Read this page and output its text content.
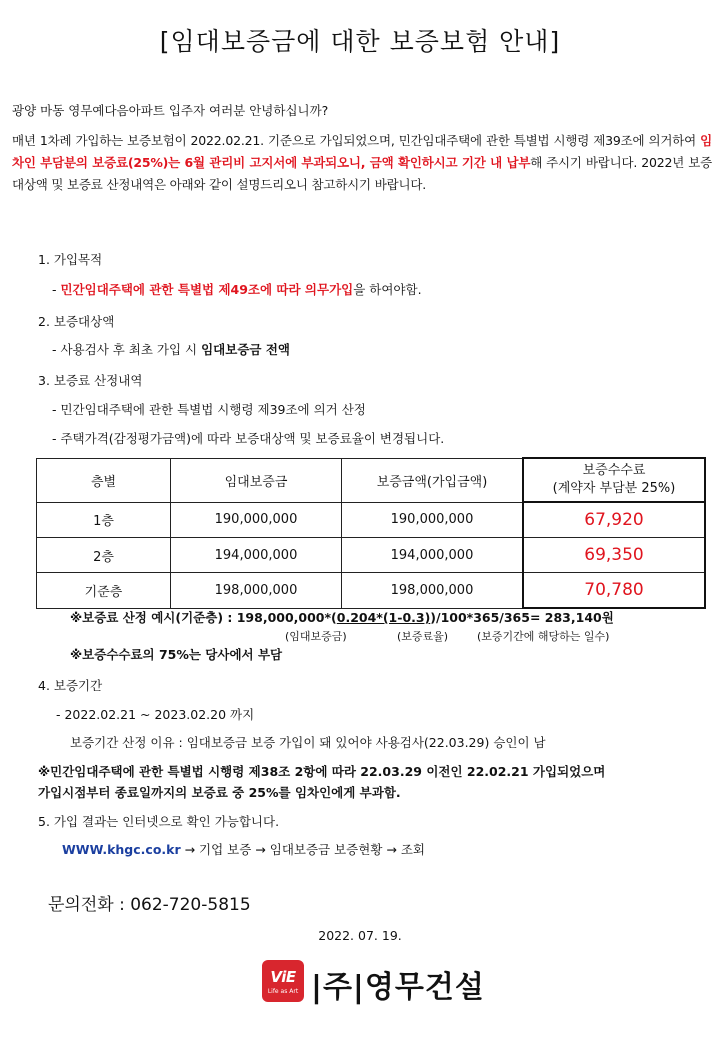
[임대보증금에 대한 보증보험 안내]
광양 마동 영무예다음아파트 입주자 여러분 안녕하십니까?
매년 1차례 가입하는 보증보험이 2022.02.21. 기준으로 가입되었으며, 민간임대주택에 관한 특별법 시행령 제39조에 의거하여 임차인 부담분의 보증료(25%)는 6월 관리비 고지서에 부과되오니, 금액 확인하시고 기간 내 납부해 주시기 바랍니다. 2022년 보증대상액 및 보증료 산정내역은 아래와 같이 설명드리오니 참고하시기 바랍니다.
1. 가입목적
- 민간임대주택에 관한 특별법 제49조에 따라 의무가입을 하여야함.
2. 보증대상액
- 사용검사 후 최초 가입 시 임대보증금 전액
3. 보증료 산정내역
- 민간임대주택에 관한 특별법 시행령 제39조에 의거 산정
- 주택가격(감정평가금액)에 따라 보증대상액 및 보증료율이 변경됩니다.
층별	임대보증금	보증금액(가입금액)	보증수수료
(계약자 부담분 25%)

1층	190,000,000	190,000,000	67,920
2층	194,000,000	194,000,000	69,350
기준층	198,000,000	198,000,000	70,780
※보증료 산정 예시(기준층) : 198,000,000*(0.204*(1-0.3))/100*365/365= 283,140원
(임대보증금)	(보증료율)	(보증기간에 해당하는 일수)
※보증수수료의 75%는 당사에서 부담
4. 보증기간
- 2022.02.21 ~ 2023.02.20 까지
보증기간 산정 이유 : 임대보증금 보증 가입이 돼 있어야 사용검사(22.03.29) 승인이 남
※민간임대주택에 관한 특별법 시행령 제38조 2항에 따라 22.03.29 이전인 22.02.21 가입되었으며
가입시점부터 종료일까지의 보증료 중 25%를 임차인에게 부과함.
5. 가입 결과는 인터넷으로 확인 가능합니다.
WWW.khgc.co.kr → 기업 보증 → 임대보증금 보증현황 → 조회
문의전화 : 062-720-5815
2022. 07. 19.
ViE
Life as Art |주|영무건설
